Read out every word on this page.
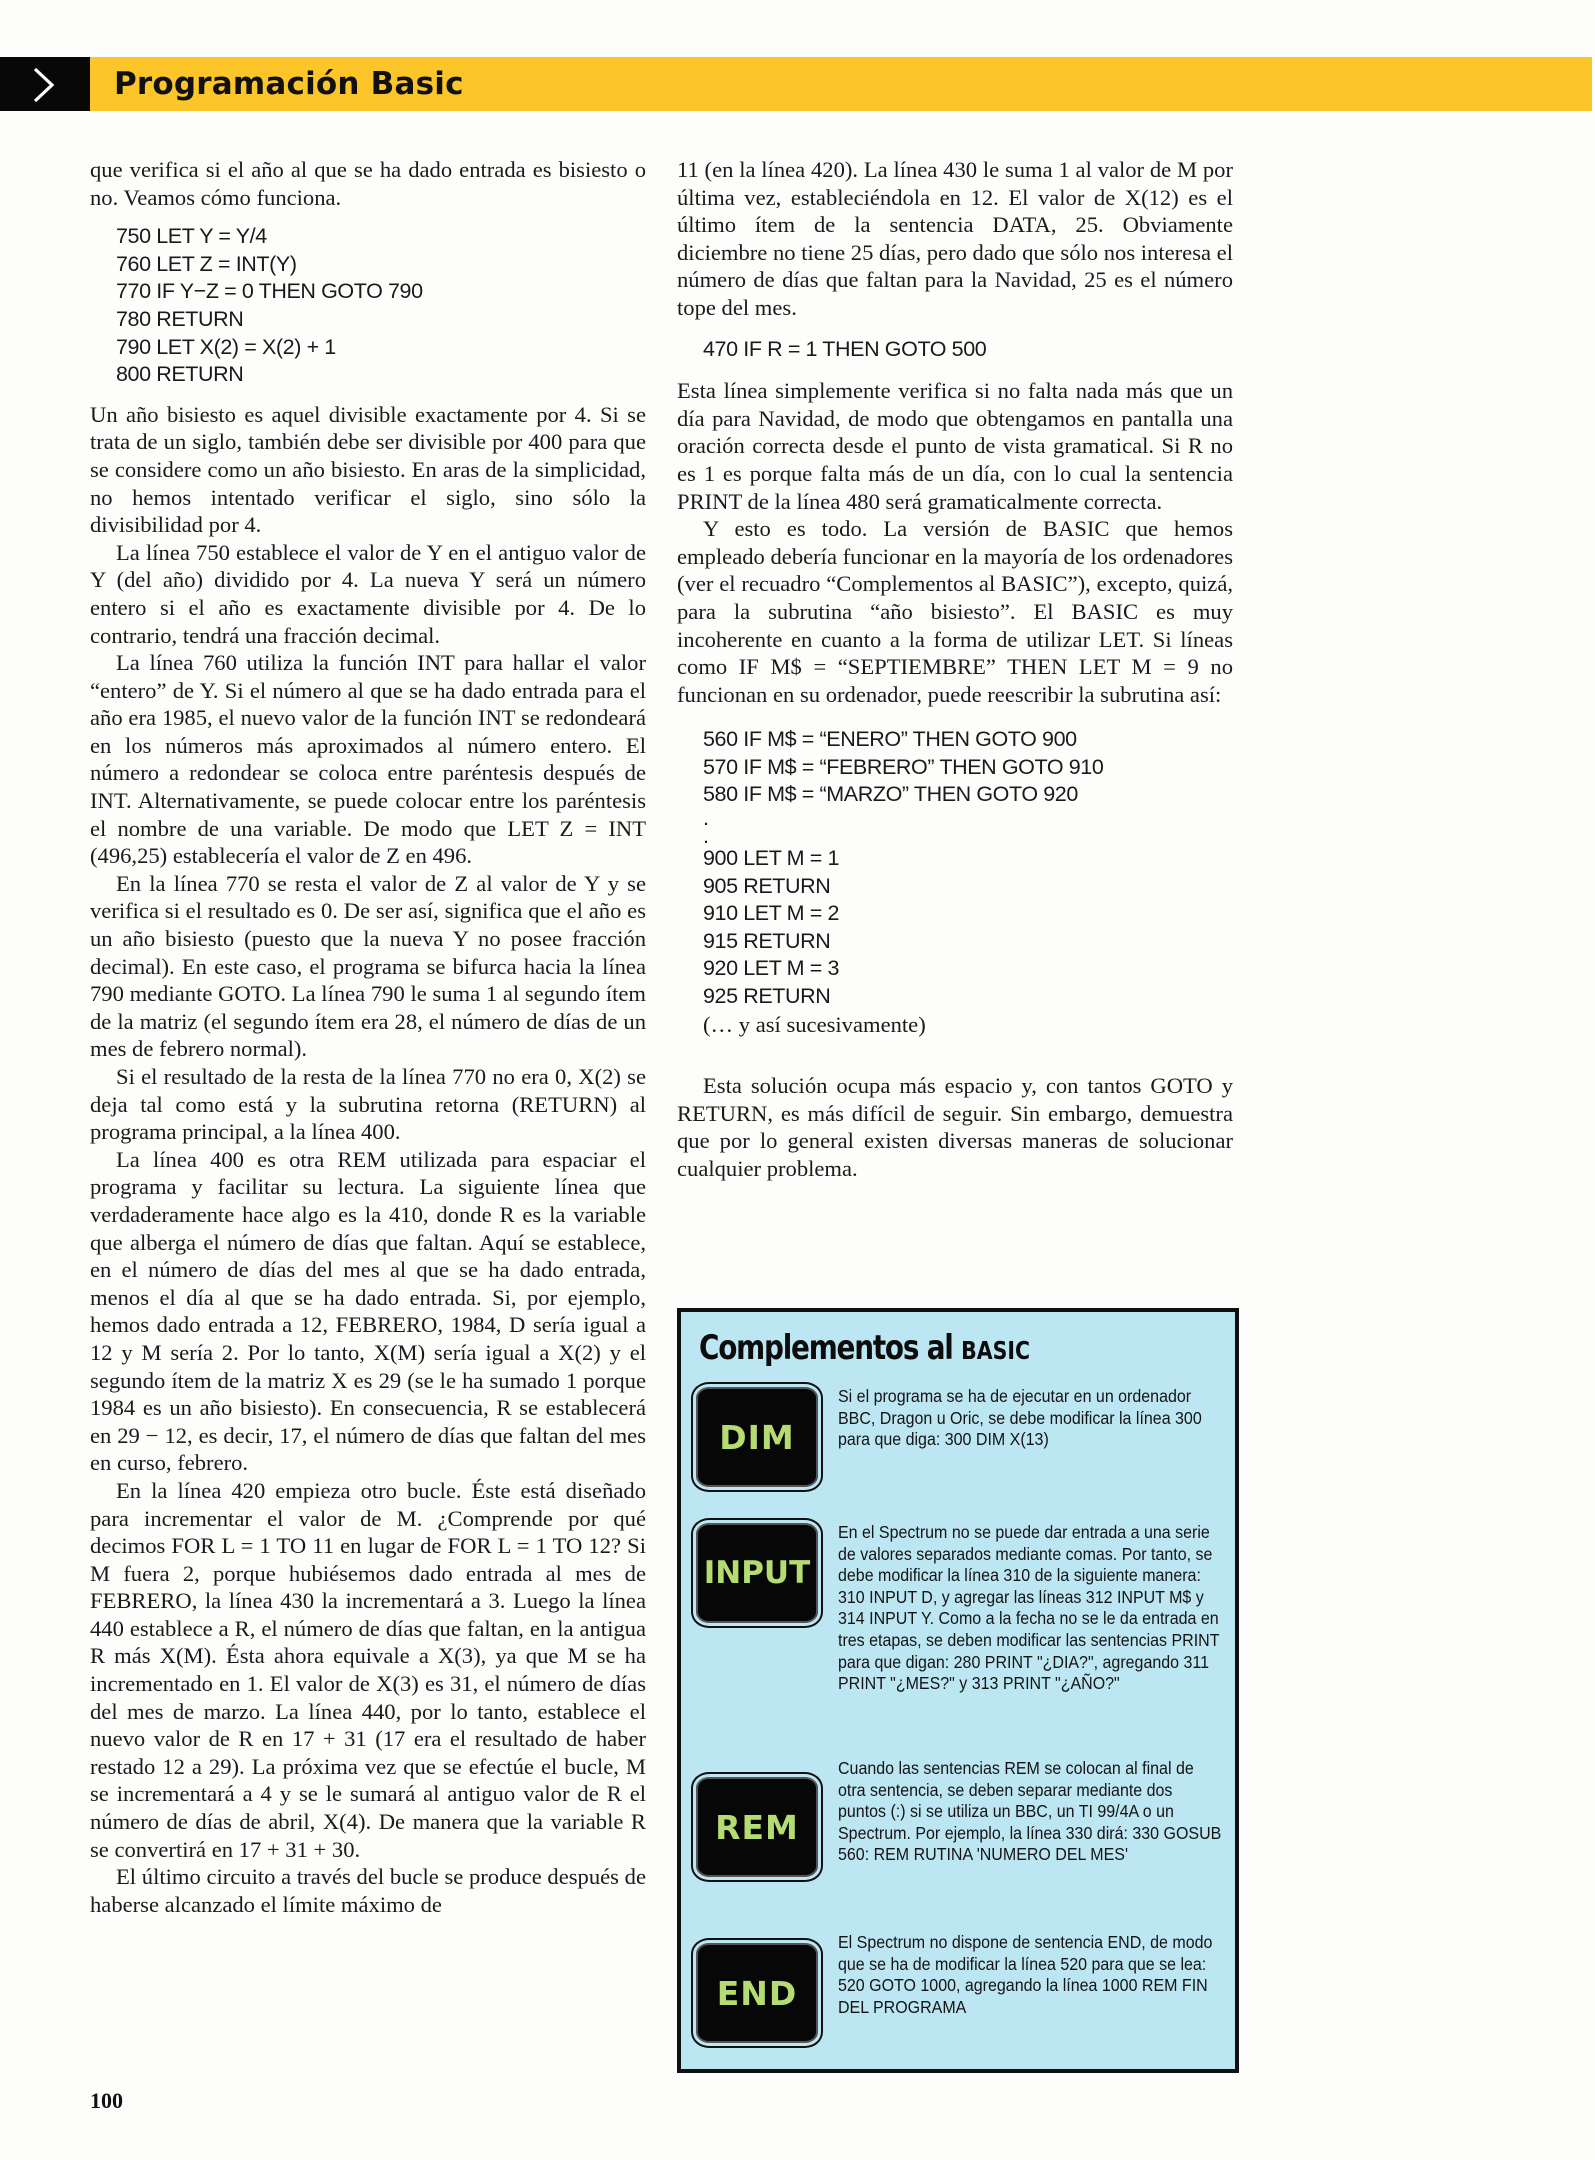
Programación Basic

que verifica si el año al que se ha dado entrada es bisiesto o no. Veamos cómo funciona.

750 LET Y = Y/4
760 LET Z = INT(Y)
770 IF Y−Z = 0 THEN GOTO 790
780 RETURN
790 LET X(2) = X(2) + 1
800 RETURN

Un año bisiesto es aquel divisible exactamente por 4. Si se trata de un siglo, también debe ser divisible por 400 para que se considere como un año bisiesto. En aras de la simplicidad, no hemos intentado verificar el siglo, sino sólo la divisibilidad por 4.

La línea 750 establece el valor de Y en el antiguo valor de Y (del año) dividido por 4. La nueva Y será un número entero si el año es exactamente divisible por 4. De lo contrario, tendrá una fracción decimal.

La línea 760 utiliza la función INT para hallar el valor “entero” de Y. Si el número al que se ha dado entrada para el año era 1985, el nuevo valor de la función INT se redondeará en los números más aproximados al número entero. El número a redondear se coloca entre paréntesis después de INT. Alternativamente, se puede colocar entre los paréntesis el nombre de una variable. De modo que LET Z = INT (496,25) establecería el valor de Z en 496.

En la línea 770 se resta el valor de Z al valor de Y y se verifica si el resultado es 0. De ser así, significa que el año es un año bisiesto (puesto que la nueva Y no posee fracción decimal). En este caso, el programa se bifurca hacia la línea 790 mediante GOTO. La línea 790 le suma 1 al segundo ítem de la matriz (el segundo ítem era 28, el número de días de un mes de febrero normal).

Si el resultado de la resta de la línea 770 no era 0, X(2) se deja tal como está y la subrutina retorna (RETURN) al programa principal, a la línea 400.

La línea 400 es otra REM utilizada para espaciar el programa y facilitar su lectura. La siguiente línea que verdaderamente hace algo es la 410, donde R es la variable que alberga el número de días que faltan. Aquí se establece, en el número de días del mes al que se ha dado entrada, menos el día al que se ha dado entrada. Si, por ejemplo, hemos dado entrada a 12, FEBRERO, 1984, D sería igual a 12 y M sería 2. Por lo tanto, X(M) sería igual a X(2) y el segundo ítem de la matriz X es 29 (se le ha sumado 1 porque 1984 es un año bisiesto). En consecuencia, R se establecerá en 29 − 12, es decir, 17, el número de días que faltan del mes en curso, febrero.

En la línea 420 empieza otro bucle. Éste está diseñado para incrementar el valor de M. ¿Comprende por qué decimos FOR L = 1 TO 11 en lugar de FOR L = 1 TO 12? Si M fuera 2, porque hubiésemos dado entrada al mes de FEBRERO, la línea 430 la incrementará a 3. Luego la línea 440 establece a R, el número de días que faltan, en la antigua R más X(M). Ésta ahora equivale a X(3), ya que M se ha incrementado en 1. El valor de X(3) es 31, el número de días del mes de marzo. La línea 440, por lo tanto, establece el nuevo valor de R en 17 + 31 (17 era el resultado de haber restado 12 a 29). La próxima vez que se efectúe el bucle, M se incrementará a 4 y se le sumará al antiguo valor de R el número de días de abril, X(4). De manera que la variable R se convertirá en 17 + 31 + 30.

El último circuito a través del bucle se produce después de haberse alcanzado el límite máximo de

11 (en la línea 420). La línea 430 le suma 1 al valor de M por última vez, estableciéndola en 12. El valor de X(12) es el último ítem de la sentencia DATA, 25. Obviamente diciembre no tiene 25 días, pero dado que sólo nos interesa el número de días que faltan para la Navidad, 25 es el número tope del mes.

470 IF R = 1 THEN GOTO 500

Esta línea simplemente verifica si no falta nada más que un día para Navidad, de modo que obtengamos en pantalla una oración correcta desde el punto de vista gramatical. Si R no es 1 es porque falta más de un día, con lo cual la sentencia PRINT de la línea 480 será gramaticalmente correcta.

Y esto es todo. La versión de BASIC que hemos empleado debería funcionar en la mayoría de los ordenadores (ver el recuadro “Complementos al BASIC”), excepto, quizá, para la subrutina “año bisiesto”. El BASIC es muy incoherente en cuanto a la forma de utilizar LET. Si líneas como IF M$ = “SEPTIEMBRE” THEN LET M = 9 no funcionan en su ordenador, puede reescribir la subrutina así:

560 IF M$ = “ENERO” THEN GOTO 900
570 IF M$ = “FEBRERO” THEN GOTO 910
580 IF M$ = “MARZO” THEN GOTO 920
.
.
900 LET M = 1
905 RETURN
910 LET M = 2
915 RETURN
920 LET M = 3
925 RETURN
(… y así sucesivamente)

Esta solución ocupa más espacio y, con tantos GOTO y RETURN, es más difícil de seguir. Sin embargo, demuestra que por lo general existen diversas maneras de solucionar cualquier problema.

Complementos al BASIC
DIM
Si el programa se ha de ejecutar en un ordenador BBC, Dragon u Oric, se debe modificar la línea 300 para que diga: 300 DIM X(13)
INPUT
En el Spectrum no se puede dar entrada a una serie de valores separados mediante comas. Por tanto, se debe modificar la línea 310 de la siguiente manera: 310 INPUT D, y agregar las líneas 312 INPUT M$ y 314 INPUT Y. Como a la fecha no se le da entrada en tres etapas, se deben modificar las sentencias PRINT para que digan: 280 PRINT "¿DIA?", agregando 311 PRINT "¿MES?" y 313 PRINT "¿AÑO?"
REM
Cuando las sentencias REM se colocan al final de otra sentencia, se deben separar mediante dos puntos (:) si se utiliza un BBC, un TI 99/4A o un Spectrum. Por ejemplo, la línea 330 dirá: 330 GOSUB 560: REM RUTINA 'NUMERO DEL MES'
END
El Spectrum no dispone de sentencia END, de modo que se ha de modificar la línea 520 para que se lea: 520 GOTO 1000, agregando la línea 1000 REM FIN DEL PROGRAMA
100
